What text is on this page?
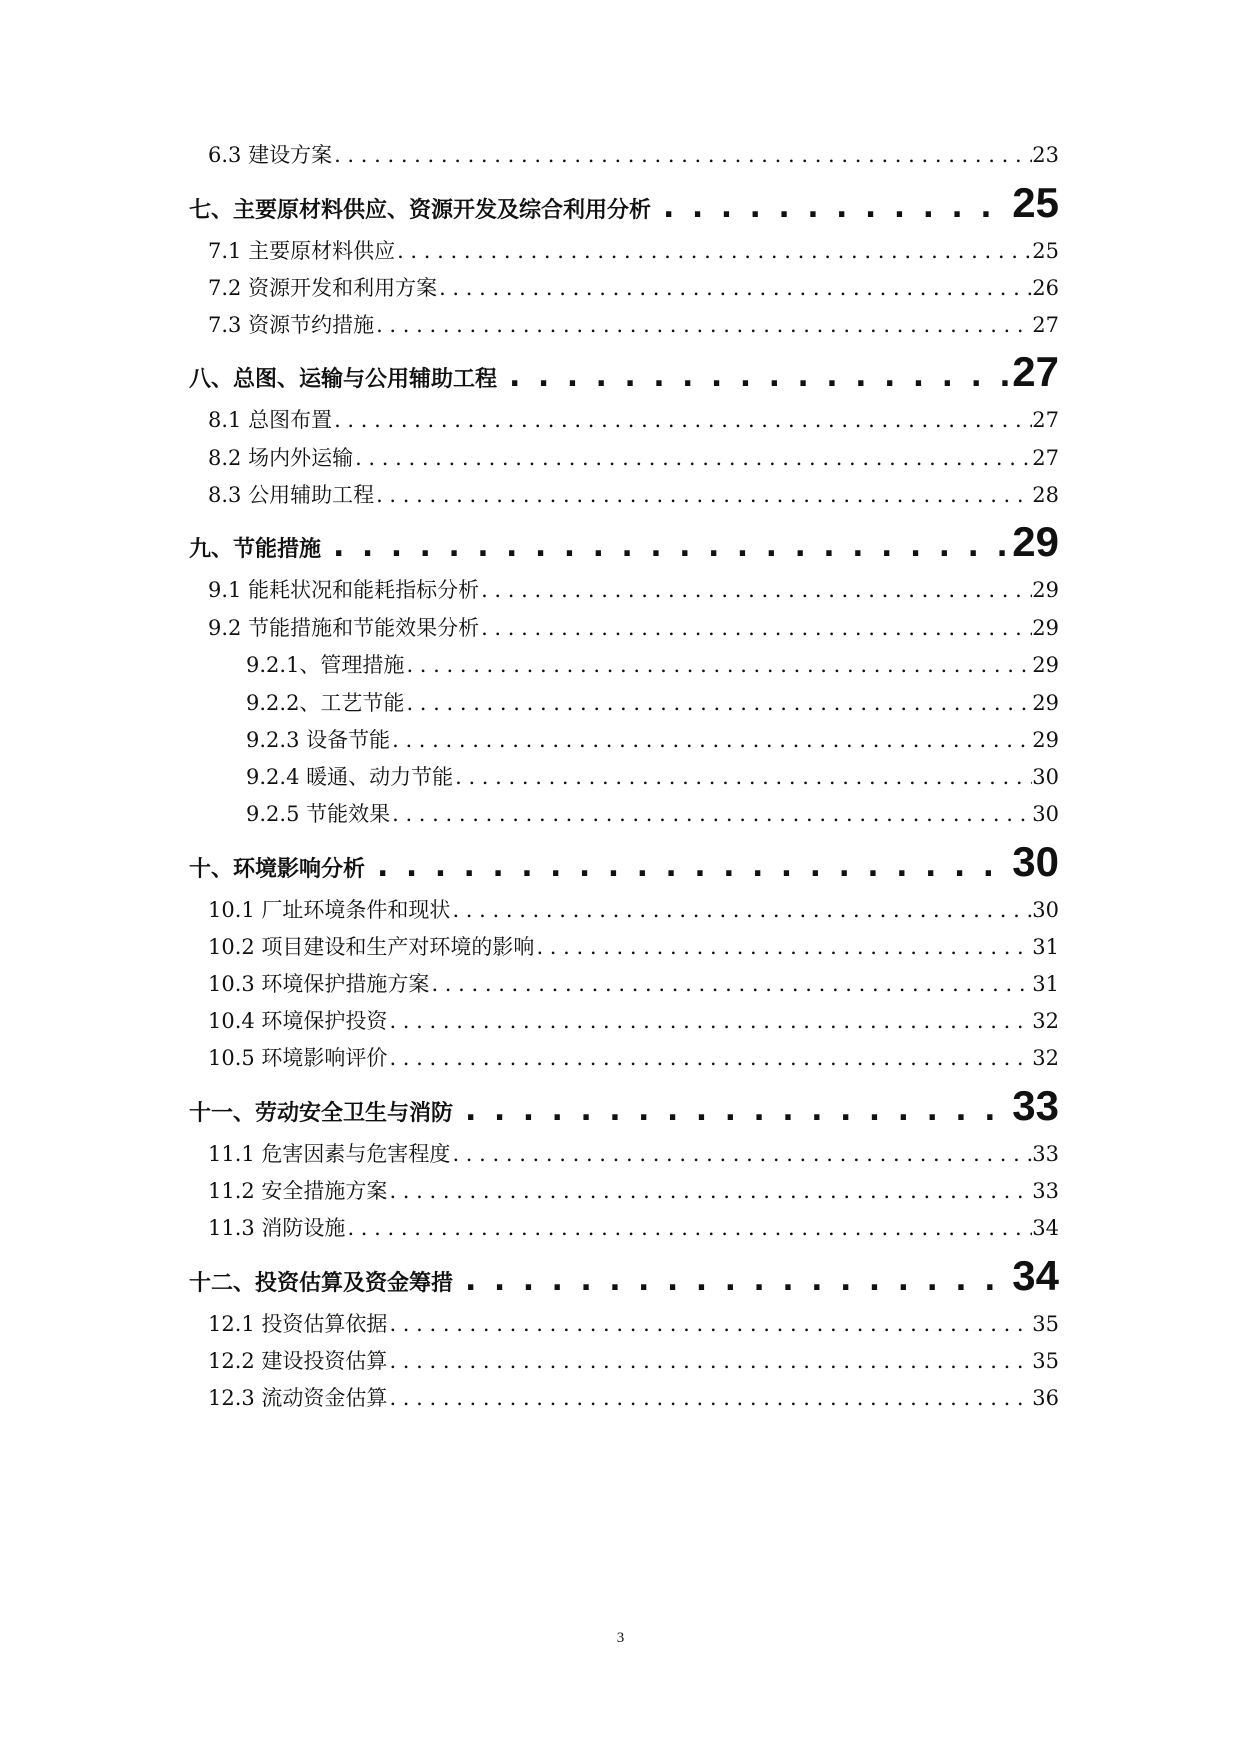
6.3 建设方案 . . .	23
七、主要原材料供应、资源开发及综合利用分析 . . .	25
7.1 主要原材料供应 . . .	25
7.2 资源开发和利用方案 . . .	26
7.3 资源节约措施 . . .	27
八、总图、运输与公用辅助工程 . . .	27
8.1 总图布置 . . .	27
8.2 场内外运输 . . .	27
8.3 公用辅助工程 . . .	28
九、节能措施 . . .	29
9.1 能耗状况和能耗指标分析 . . .	29
9.2 节能措施和节能效果分析 . . .	29
9.2.1、管理措施 . . .	29
9.2.2、工艺节能 . . .	29
9.2.3 设备节能 . . .	29
9.2.4 暖通、动力节能 . . .	30
9.2.5 节能效果 . . .	30
十、环境影响分析 . . .	30
10.1 厂址环境条件和现状 . . .	30
10.2 项目建设和生产对环境的影响 . . .	31
10.3 环境保护措施方案 . . .	31
10.4 环境保护投资 . . .	32
10.5 环境影响评价 . . .	32
十一、劳动安全卫生与消防 . . .	33
11.1 危害因素与危害程度 . . .	33
11.2 安全措施方案 . . .	33
11.3 消防设施 . . .	34
十二、投资估算及资金筹措 . . .	34
12.1 投资估算依据 . . .	35
12.2 建设投资估算 . . .	35
12.3 流动资金估算 . . .	36
3
